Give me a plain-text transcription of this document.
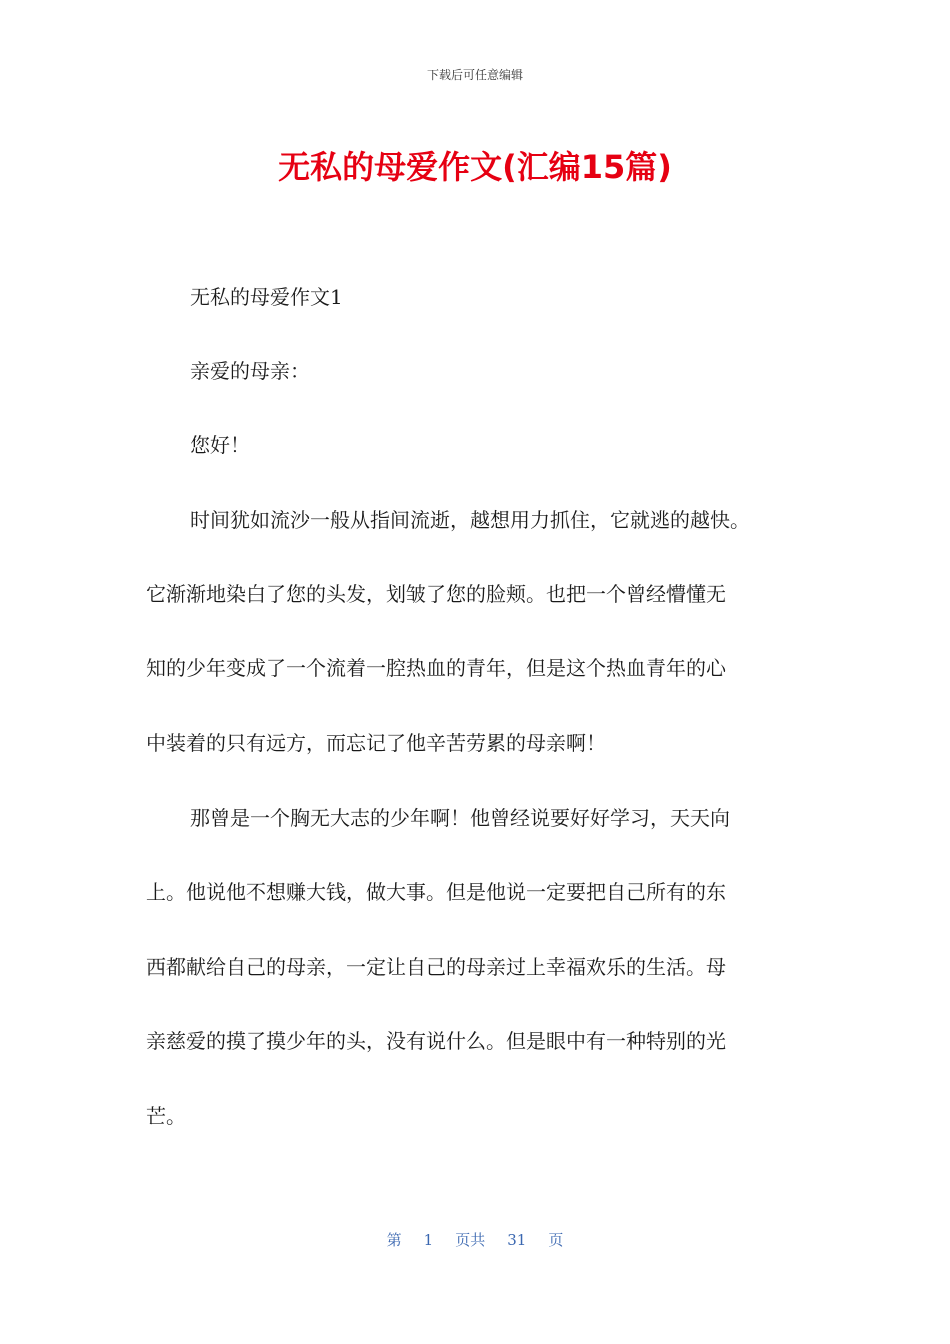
下载后可任意编辑
无私的母爱作文(汇编15篇)
无私的母爱作文1
亲爱的母亲：
您好！
时间犹如流沙一般从指间流逝，越想用力抓住，它就逃的越快。
它渐渐地染白了您的头发，划皱了您的脸颊。也把一个曾经懵懂无
知的少年变成了一个流着一腔热血的青年，但是这个热血青年的心
中装着的只有远方，而忘记了他辛苦劳累的母亲啊！
那曾是一个胸无大志的少年啊！他曾经说要好好学习，天天向
上。他说他不想赚大钱，做大事。但是他说一定要把自己所有的东
西都献给自己的母亲，一定让自己的母亲过上幸福欢乐的生活。母
亲慈爱的摸了摸少年的头，没有说什么。但是眼中有一种特别的光
芒。
第 1 页共 31 页
